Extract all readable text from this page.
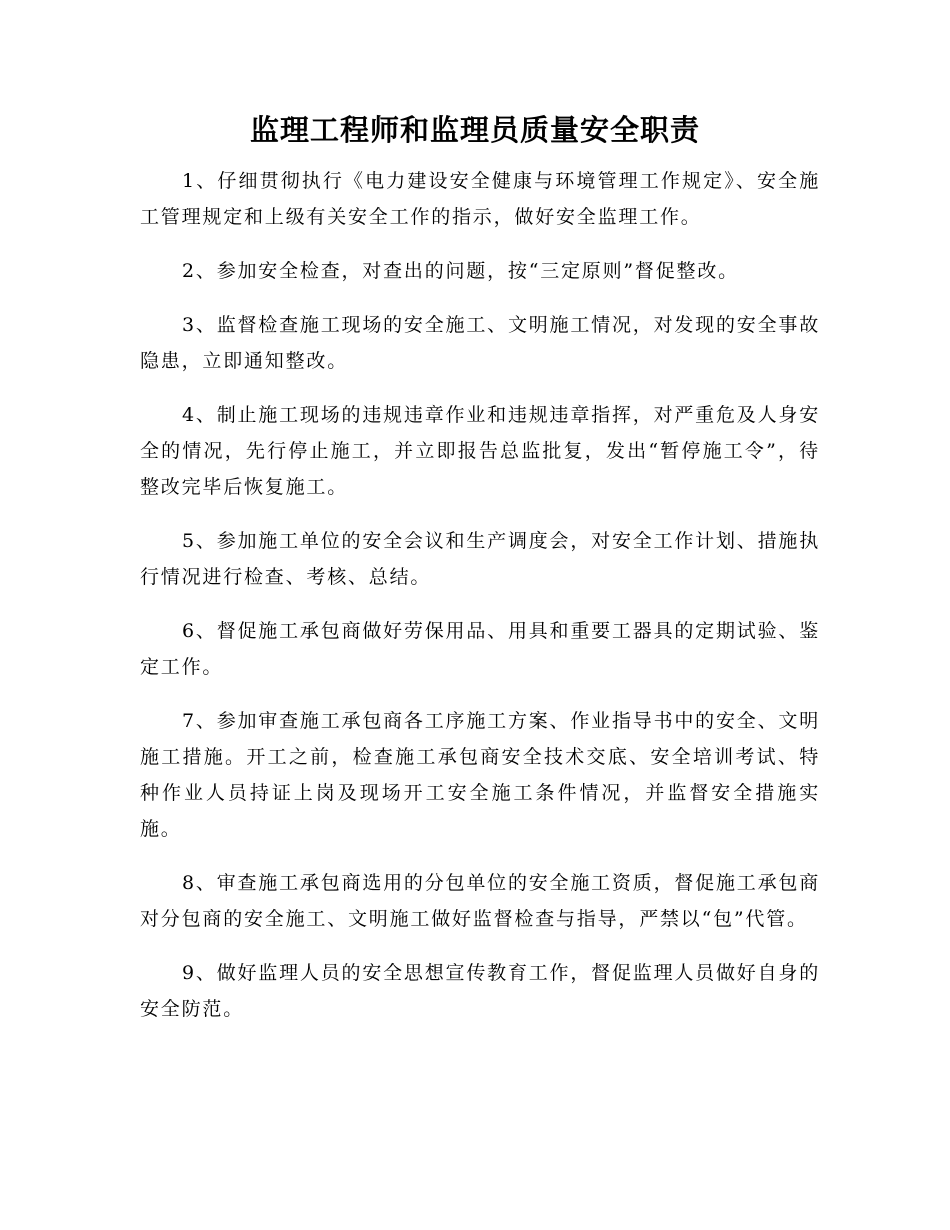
监理工程师和监理员质量安全职责

1、仔细贯彻执行《电力建设安全健康与环境管理工作规定》、安全施工管理规定和上级有关安全工作的指示，做好安全监理工作。

2、参加安全检查，对查出的问题，按“三定原则”督促整改。

3、监督检查施工现场的安全施工、文明施工情况，对发现的安全事故隐患，立即通知整改。

4、制止施工现场的违规违章作业和违规违章指挥，对严重危及人身安全的情况，先行停止施工，并立即报告总监批复，发出“暂停施工令”，待整改完毕后恢复施工。

5、参加施工单位的安全会议和生产调度会，对安全工作计划、措施执行情况进行检查、考核、总结。

6、督促施工承包商做好劳保用品、用具和重要工器具的定期试验、鉴定工作。

7、参加审查施工承包商各工序施工方案、作业指导书中的安全、文明施工措施。开工之前，检查施工承包商安全技术交底、安全培训考试、特种作业人员持证上岗及现场开工安全施工条件情况，并监督安全措施实施。

8、审查施工承包商选用的分包单位的安全施工资质，督促施工承包商对分包商的安全施工、文明施工做好监督检查与指导，严禁以“包”代管。

9、做好监理人员的安全思想宣传教育工作，督促监理人员做好自身的安全防范。
